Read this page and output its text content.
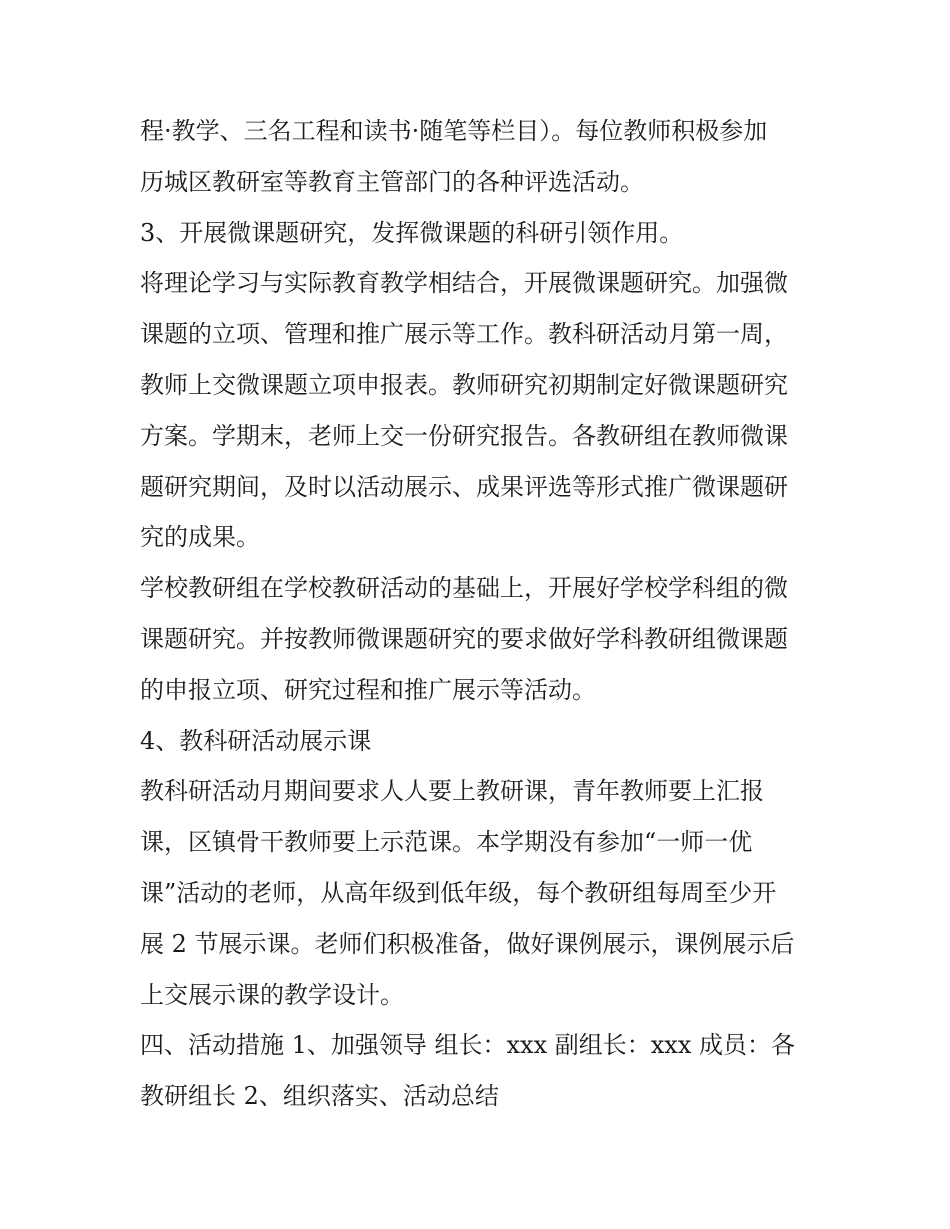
程·教学、三名工程和读书·随笔等栏目）。每位教师积极参加
历城区教研室等教育主管部门的各种评选活动。
3、开展微课题研究，发挥微课题的科研引领作用。
将理论学习与实际教育教学相结合，开展微课题研究。加强微
课题的立项、管理和推广展示等工作。教科研活动月第一周，
教师上交微课题立项申报表。教师研究初期制定好微课题研究
方案。学期末，老师上交一份研究报告。各教研组在教师微课
题研究期间，及时以活动展示、成果评选等形式推广微课题研
究的成果。
学校教研组在学校教研活动的基础上，开展好学校学科组的微
课题研究。并按教师微课题研究的要求做好学科教研组微课题
的申报立项、研究过程和推广展示等活动。
4、教科研活动展示课
教科研活动月期间要求人人要上教研课，青年教师要上汇报
课，区镇骨干教师要上示范课。本学期没有参加“一师一优
课”活动的老师，从高年级到低年级，每个教研组每周至少开
展 2 节展示课。老师们积极准备，做好课例展示，课例展示后
上交展示课的教学设计。
四、活动措施 1、加强领导 组长：xxx 副组长：xxx 成员：各
教研组长 2、组织落实、活动总结
